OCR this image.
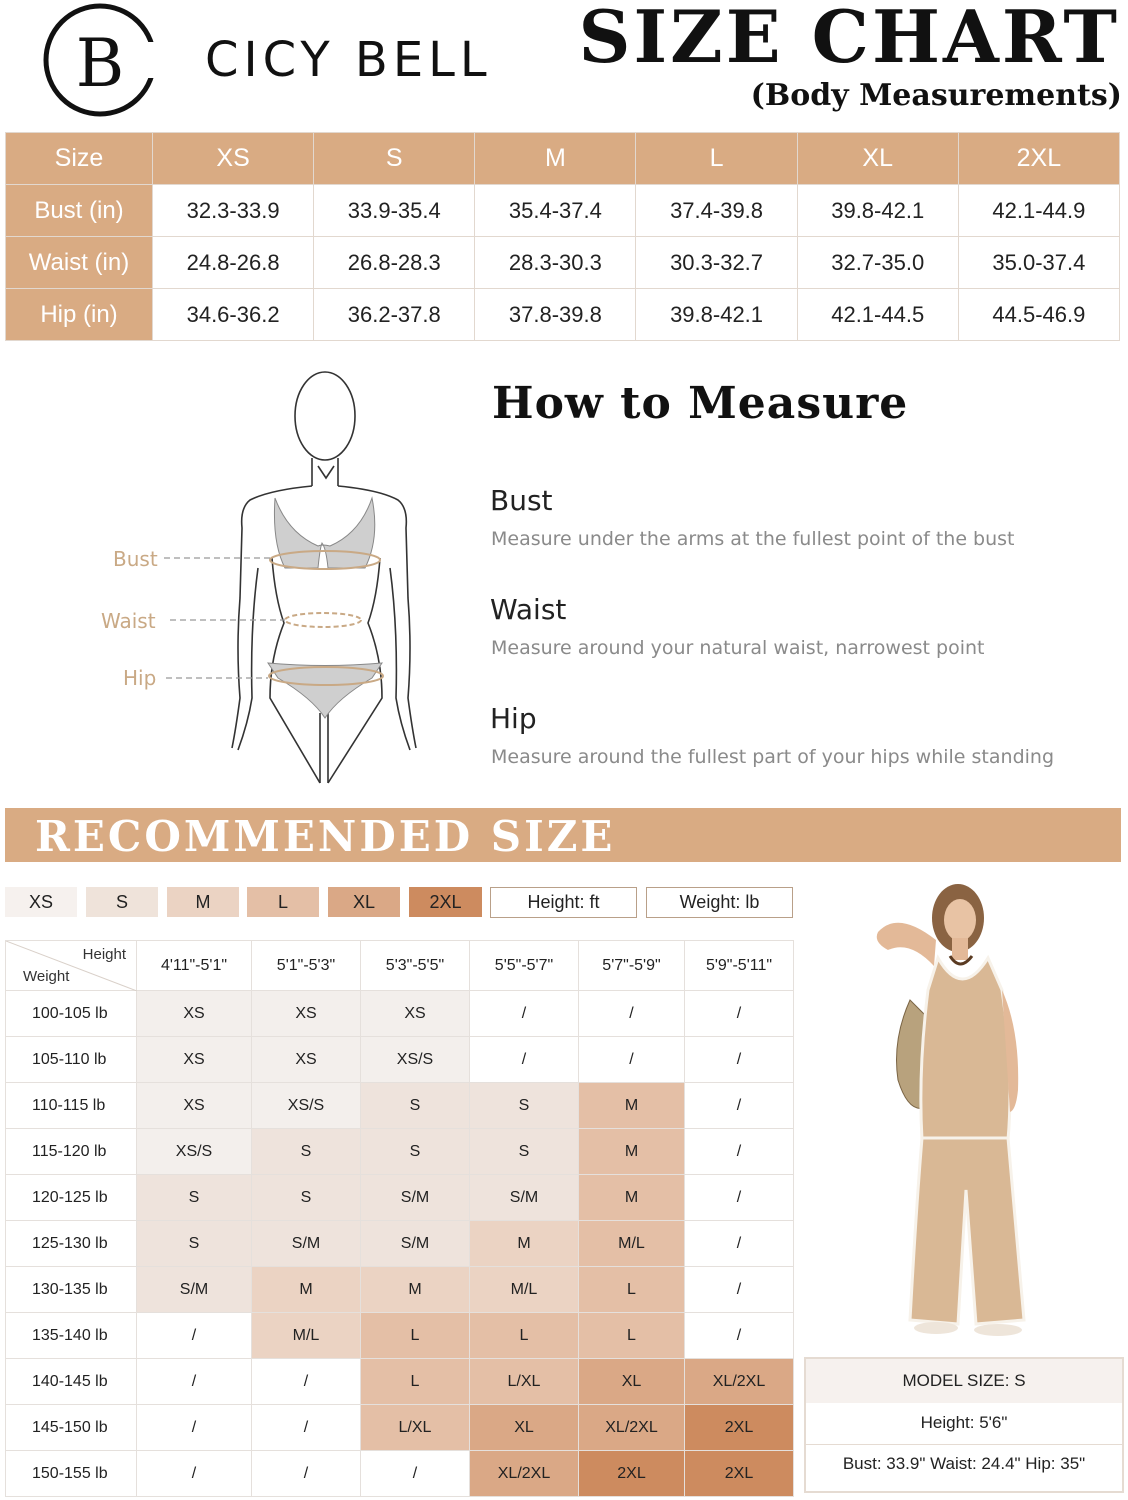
B CICY BELL SIZE CHART
(Body Measurements)
Size	XS	S	M	L	XL	2XL
Bust (in)	32.3-33.9	33.9-35.4	35.4-37.4	37.4-39.8	39.8-42.1	42.1-44.9
Waist (in)	24.8-26.8	26.8-28.3	28.3-30.3	30.3-32.7	32.7-35.0	35.0-37.4
Hip (in)	34.6-36.2	36.2-37.8	37.8-39.8	39.8-42.1	42.1-44.5	44.5-46.9
Bust
Waist
Hip
How to Measure
Bust
Measure under the arms at the fullest point of the bust
Waist
Measure around your natural waist, narrowest point
Hip
Measure around the fullest part of your hips while standing
RECOMMENDED SIZE
XS	S	M	L	XL	2XL	Height: ft	Weight: lb
Height
Weight	4'11"-5'1"	5'1"-5'3"	5'3"-5'5"	5'5"-5'7"	5'7"-5'9"	5'9"-5'11"
100-105 lb	XS	XS	XS	/	/	/
105-110 lb	XS	XS	XS/S	/	/	/
110-115 lb	XS	XS/S	S	S	M	/
115-120 lb	XS/S	S	S	S	M	/
120-125 lb	S	S	S/M	S/M	M	/
125-130 lb	S	S/M	S/M	M	M/L	/
130-135 lb	S/M	M	M	M/L	L	/
135-140 lb	/	M/L	L	L	L	/
140-145 lb	/	/	L	L/XL	XL	XL/2XL
145-150 lb	/	/	L/XL	XL	XL/2XL	2XL
150-155 lb	/	/	/	XL/2XL	2XL	2XL
MODEL SIZE: S
Height: 5'6"
Bust: 33.9" Waist: 24.4" Hip: 35"
